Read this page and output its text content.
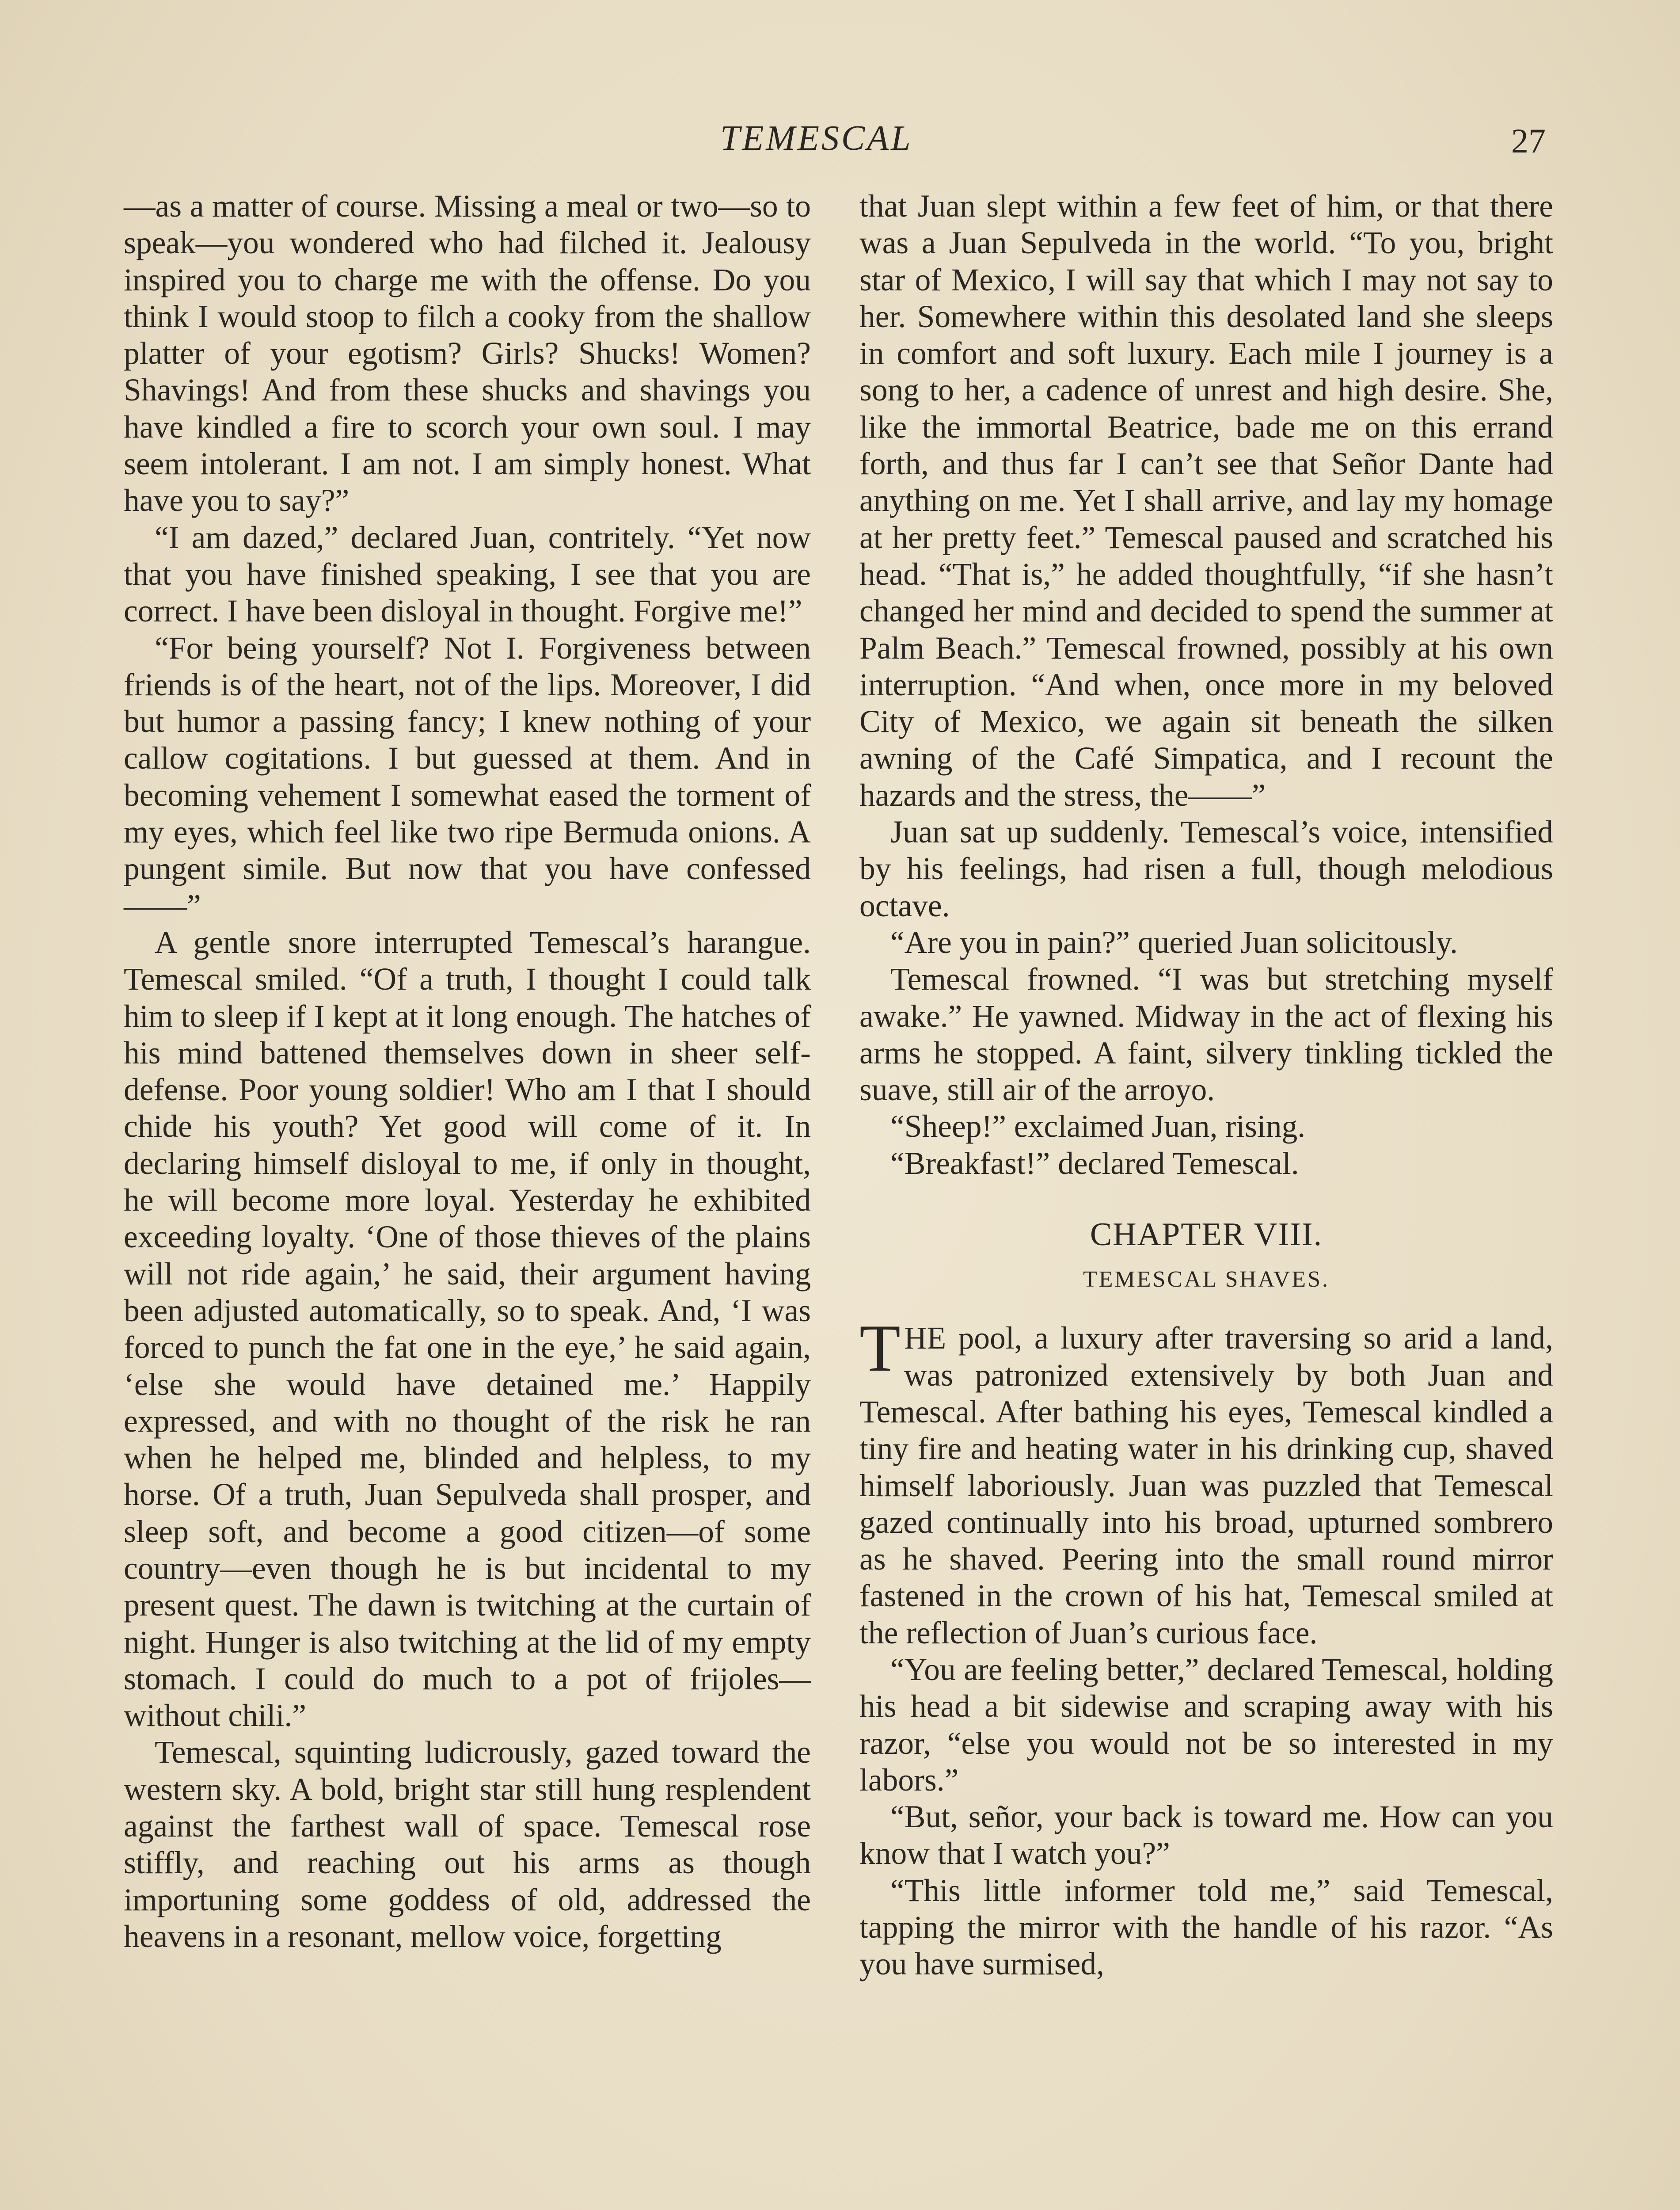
TEMESCAL	27

—as a matter of course. Missing a meal or two—so to speak—you wondered who had filched it. Jealousy inspired you to charge me with the offense. Do you think I would stoop to filch a cooky from the shallow platter of your egotism? Girls? Shucks! Women? Shavings! And from these shucks and shavings you have kindled a fire to scorch your own soul. I may seem intolerant. I am not. I am simply honest. What have you to say?”

“I am dazed,” declared Juan, contritely. “Yet now that you have finished speaking, I see that you are correct. I have been disloyal in thought. Forgive me!”

“For being yourself? Not I. Forgiveness between friends is of the heart, not of the lips. Moreover, I did but humor a passing fancy; I knew nothing of your callow cogitations. I but guessed at them. And in becoming vehement I somewhat eased the torment of my eyes, which feel like two ripe Bermuda onions. A pungent simile. But now that you have confessed——”

A gentle snore interrupted Temescal’s harangue. Temescal smiled. “Of a truth, I thought I could talk him to sleep if I kept at it long enough. The hatches of his mind battened themselves down in sheer self-defense. Poor young soldier! Who am I that I should chide his youth? Yet good will come of it. In declaring himself disloyal to me, if only in thought, he will become more loyal. Yesterday he exhibited exceeding loyalty. ‘One of those thieves of the plains will not ride again,’ he said, their argument having been adjusted automatically, so to speak. And, ‘I was forced to punch the fat one in the eye,’ he said again, ‘else she would have detained me.’ Happily expressed, and with no thought of the risk he ran when he helped me, blinded and helpless, to my horse. Of a truth, Juan Sepulveda shall prosper, and sleep soft, and become a good citizen—of some country—even though he is but incidental to my present quest. The dawn is twitching at the curtain of night. Hunger is also twitching at the lid of my empty stomach. I could do much to a pot of frijoles—without chili.”

Temescal, squinting ludicrously, gazed toward the western sky. A bold, bright star still hung resplendent against the farthest wall of space. Temescal rose stiffly, and reaching out his arms as though importuning some goddess of old, addressed the heavens in a resonant, mellow voice, forgetting

that Juan slept within a few feet of him, or that there was a Juan Sepulveda in the world. “To you, bright star of Mexico, I will say that which I may not say to her. Somewhere within this desolated land she sleeps in comfort and soft luxury. Each mile I journey is a song to her, a cadence of unrest and high desire. She, like the immortal Beatrice, bade me on this errand forth, and thus far I can’t see that Señor Dante had anything on me. Yet I shall arrive, and lay my homage at her pretty feet.” Temescal paused and scratched his head. “That is,” he added thoughtfully, “if she hasn’t changed her mind and decided to spend the summer at Palm Beach.” Temescal frowned, possibly at his own interruption. “And when, once more in my beloved City of Mexico, we again sit beneath the silken awning of the Café Simpatica, and I recount the hazards and the stress, the——”

Juan sat up suddenly. Temescal’s voice, intensified by his feelings, had risen a full, though melodious octave.

“Are you in pain?” queried Juan solicitously.

Temescal frowned. “I was but stretching myself awake.” He yawned. Midway in the act of flexing his arms he stopped. A faint, silvery tinkling tickled the suave, still air of the arroyo.

“Sheep!” exclaimed Juan, rising.

“Breakfast!” declared Temescal.

CHAPTER VIII.
TEMESCAL SHAVES.

THE pool, a luxury after traversing so arid a land, was patronized extensively by both Juan and Temescal. After bathing his eyes, Temescal kindled a tiny fire and heating water in his drinking cup, shaved himself laboriously. Juan was puzzled that Temescal gazed continually into his broad, upturned sombrero as he shaved. Peering into the small round mirror fastened in the crown of his hat, Temescal smiled at the reflection of Juan’s curious face.

“You are feeling better,” declared Temescal, holding his head a bit sidewise and scraping away with his razor, “else you would not be so interested in my labors.”

“But, señor, your back is toward me. How can you know that I watch you?”

“This little informer told me,” said Temescal, tapping the mirror with the handle of his razor. “As you have surmised,
